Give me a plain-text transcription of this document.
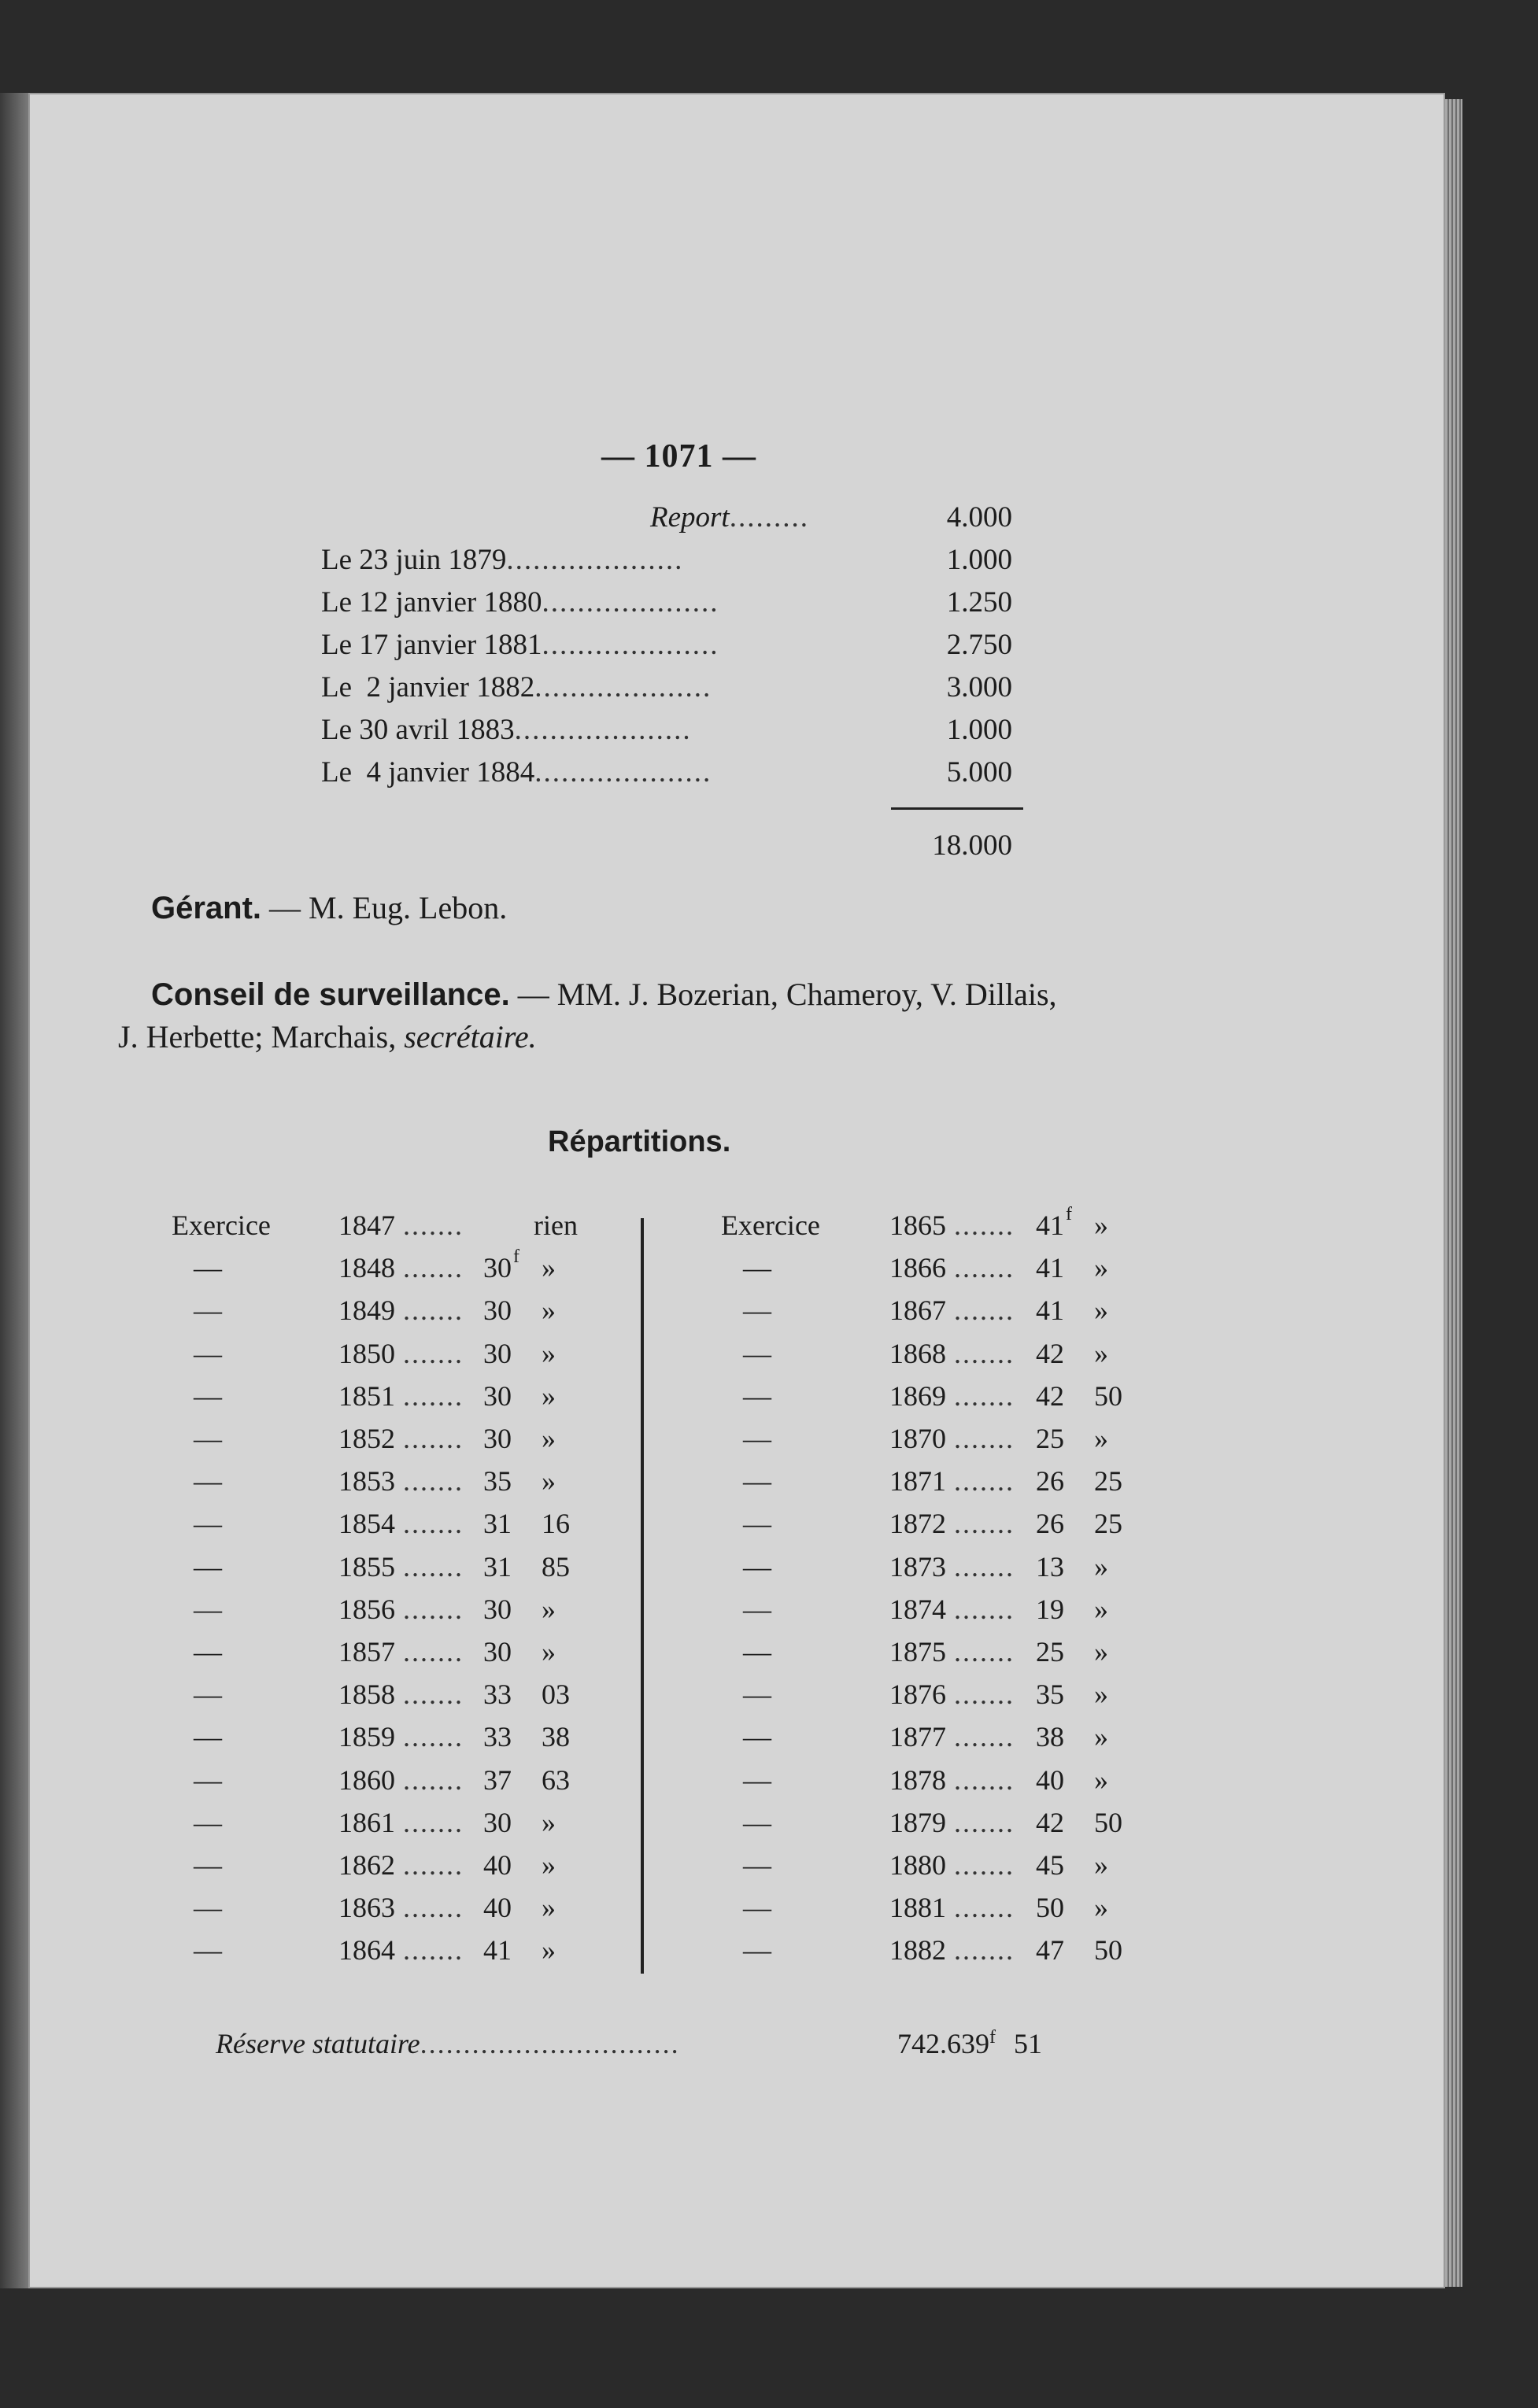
— 1071 —
Report.........	4.000
Le 23 juin 1879....................	1.000
Le 12 janvier 1880....................	1.250
Le 17 janvier 1881....................	2.750
Le  2 janvier 1882....................	3.000
Le 30 avril 1883....................	1.000
Le  4 janvier 1884....................	5.000
18.000
Gérant. — M. Eug. Lebon.
Conseil de surveillance. — MM. J. Bozerian, Chameroy, V. Dillais,
J. Herbette; Marchais, secrétaire.
Répartitions.
Exercice 1847 ....... rien
—	1848 ....... 30 f »
—	1849 ....... 30 »
—	1850 ....... 30 »
—	1851 ....... 30 »
—	1852 ....... 30 »
—	1853 ....... 35 »
—	1854 ....... 31 16
—	1855 ....... 31 85
—	1856 ....... 30 »
—	1857 ....... 30 »
—	1858 ....... 33 03
—	1859 ....... 33 38
—	1860 ....... 37 63
—	1861 ....... 30 »
—	1862 ....... 40 »
—	1863 ....... 40 »
—	1864 ....... 41 »
Exercice 1865 ....... 41 f »
—	1866 ....... 41 »
—	1867 ....... 41 »
—	1868 ....... 42 »
—	1869 ....... 42 50
—	1870 ....... 25 »
—	1871 ....... 26 25
—	1872 ....... 26 25
—	1873 ....... 13 »
—	1874 ....... 19 »
—	1875 ....... 25 »
—	1876 ....... 35 »
—	1877 ....... 38 »
—	1878 ....... 40 »
—	1879 ....... 42 50
—	1880 ....... 45 »
—	1881 ....... 50 »
—	1882 ....... 47 50
Réserve statutaire..............................	742.639$^f$ 51
